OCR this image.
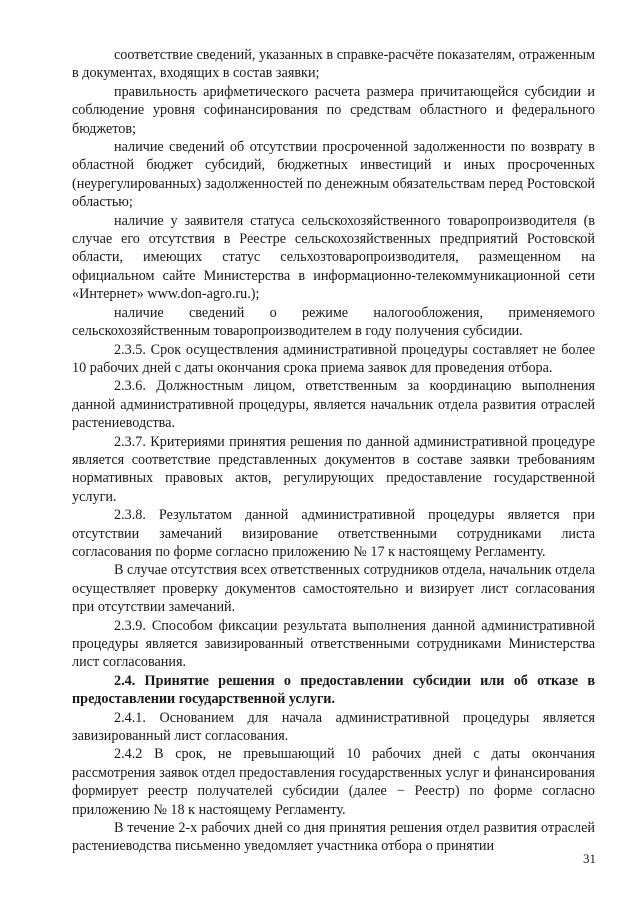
соответствие сведений, указанных в справке-расчёте показателям, отраженным в документах, входящих в состав заявки;

правильность арифметического расчета размера причитающейся субсидии и соблюдение уровня софинансирования по средствам областного и федерального бюджетов;

наличие сведений об отсутствии просроченной задолженности по возврату в областной бюджет субсидий, бюджетных инвестиций и иных просроченных (неурегулированных) задолженностей по денежным обязательствам перед Ростовской областью;

наличие у заявителя статуса сельскохозяйственного товаропроизводителя (в случае его отсутствия в Реестре сельскохозяйственных предприятий Ростовской области, имеющих статус сельхозтоваропроизводителя, размещенном на официальном сайте Министерства в информационно-телекоммуникационной сети «Интернет» www.don-agro.ru.);

наличие сведений о режиме налогообложения, применяемого сельскохозяйственным товаропроизводителем в году получения субсидии.

2.3.5. Срок осуществления административной процедуры составляет не более 10 рабочих дней с даты окончания срока приема заявок для проведения отбора.

2.3.6. Должностным лицом, ответственным за координацию выполнения данной административной процедуры, является начальник отдела развития отраслей растениеводства.

2.3.7. Критериями принятия решения по данной административной процедуре является соответствие представленных документов в составе заявки требованиям нормативных правовых актов, регулирующих предоставление государственной услуги.

2.3.8. Результатом данной административной процедуры является при отсутствии замечаний визирование ответственными сотрудниками листа согласования по форме согласно приложению № 17 к настоящему Регламенту.

В случае отсутствия всех ответственных сотрудников отдела, начальник отдела осуществляет проверку документов самостоятельно и визирует лист согласования при отсутствии замечаний.

2.3.9. Способом фиксации результата выполнения данной административной процедуры является завизированный ответственными сотрудниками Министерства лист согласования.

2.4. Принятие решения о предоставлении субсидии или об отказе в предоставлении государственной услуги.

2.4.1. Основанием для начала административной процедуры является завизированный лист согласования.

2.4.2 В срок, не превышающий 10 рабочих дней с даты окончания рассмотрения заявок отдел предоставления государственных услуг и финансирования формирует реестр получателей субсидии (далее − Реестр) по форме согласно приложению № 18 к настоящему Регламенту.

В течение 2-х рабочих дней со дня принятия решения отдел развития отраслей растениеводства письменно уведомляет участника отбора о принятии

31
